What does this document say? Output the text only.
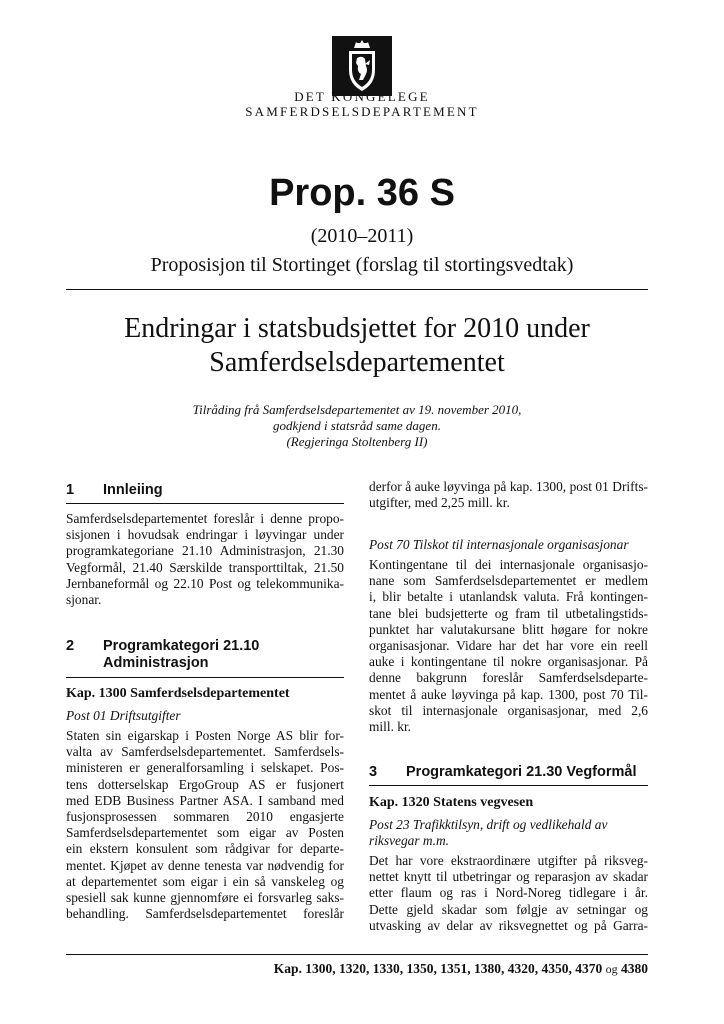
DET KONGELEGE
SAMFERDSELSDEPARTEMENT
Prop. 36 S
(2010–2011)
Proposisjon til Stortinget (forslag til stortingsvedtak)
Endringar i statsbudsjettet for 2010 under
Samferdselsdepartementet
Tilråding frå Samferdselsdepartementet av 19. november 2010,
godkjend i statsråd same dagen.
(Regjeringa Stoltenberg II)
1 Innleiing

Samferdselsdepartementet foreslår i denne propo-

sisjonen i hovudsak endringar i løyvingar under

programkategoriane 21.10 Administrasjon, 21.30

Vegformål, 21.40 Særskilde transporttiltak, 21.50

Jernbaneformål og 22.10 Post og telekommunika-

sjonar.

2 Programkategori 21.10
Administrasjon
Kap. 1300 Samferdselsdepartementet
Post 01 Driftsutgifter

Staten sin eigarskap i Posten Norge AS blir for-

valta av Samferdselsdepartementet. Samferdsels-

ministeren er generalforsamling i selskapet. Pos-

tens dotterselskap ErgoGroup AS er fusjonert

med EDB Business Partner ASA. I samband med

fusjonsprosessen sommaren 2010 engasjerte

Samferdselsdepartementet som eigar av Posten

ein ekstern konsulent som rådgivar for departe-

mentet. Kjøpet av denne tenesta var nødvendig for

at departementet som eigar i ein så vanskeleg og

spesiell sak kunne gjennomføre ei forsvarleg saks-

behandling. Samferdselsdepartementet foreslår

derfor å auke løyvinga på kap. 1300, post 01 Drifts-

utgifter, med 2,25 mill. kr.

Post 70 Tilskot til internasjonale organisasjonar

Kontingentane til dei internasjonale organisasjo-

nane som Samferdselsdepartementet er medlem

i, blir betalte i utanlandsk valuta. Frå kontingen-

tane blei budsjetterte og fram til utbetalingstids-

punktet har valutakursane blitt høgare for nokre

organisasjonar. Vidare har det har vore ein reell

auke i kontingentane til nokre organisasjonar. På

denne bakgrunn foreslår Samferdselsdeparte-

mentet å auke løyvinga på kap. 1300, post 70 Til-

skot til internasjonale organisasjonar, med 2,6

mill. kr.

3 Programkategori 21.30 Vegformål
Kap. 1320 Statens vegvesen
Post 23 Trafikktilsyn, drift og vedlikehald av
riksvegar m.m.

Det har vore ekstraordinære utgifter på riksveg-

nettet knytt til utbetringar og reparasjon av skadar

etter flaum og ras i Nord-Noreg tidlegare i år.

Dette gjeld skadar som følgje av setningar og

utvasking av delar av riksvegnettet og på Garra-

Kap. 1300, 1320, 1330, 1350, 1351, 1380, 4320, 4350, 4370 og 4380
